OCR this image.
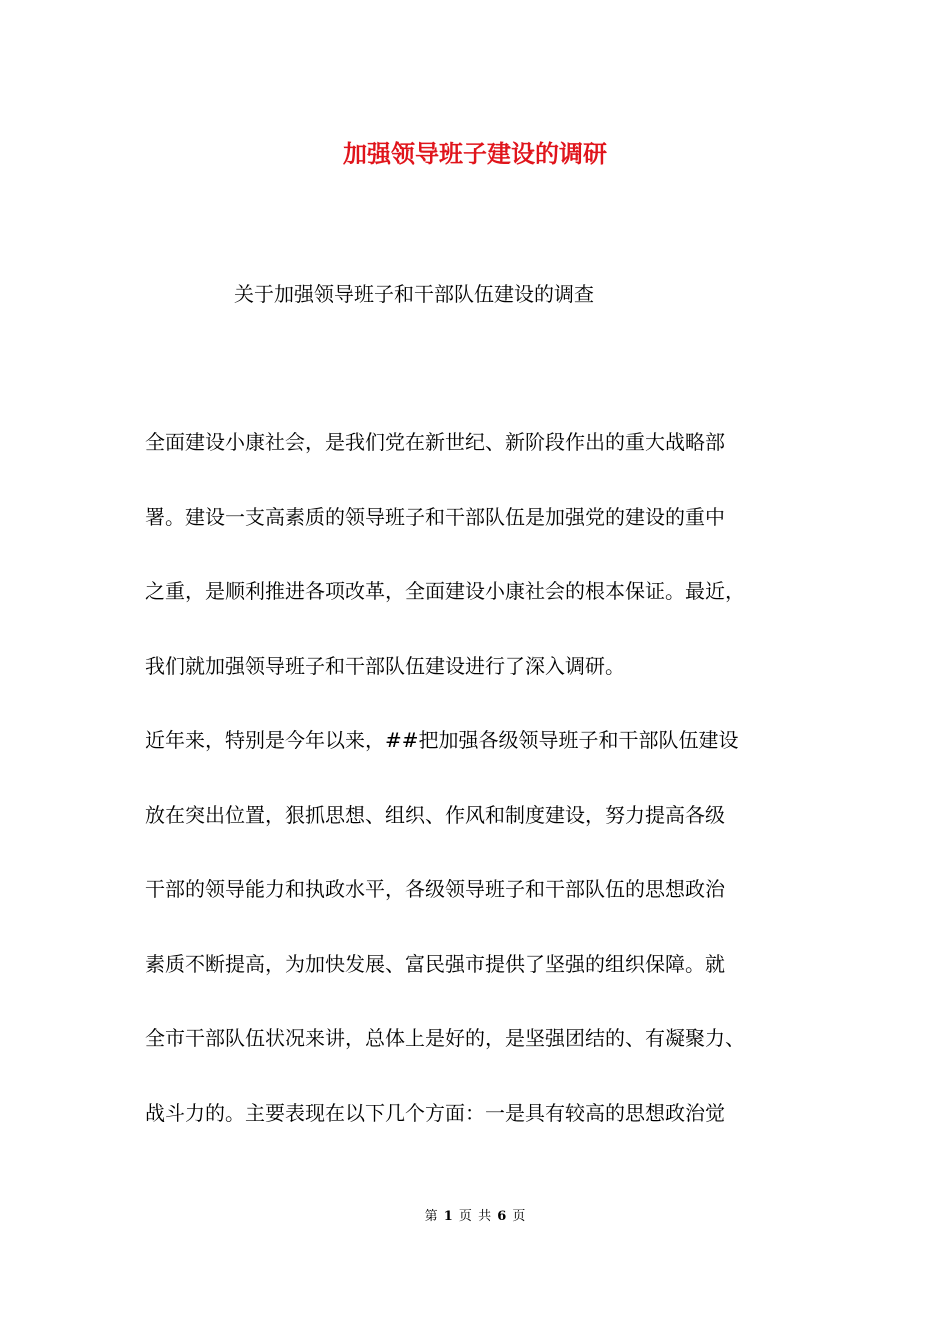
加强领导班子建设的调研

关于加强领导班子和干部队伍建设的调查

全面建设小康社会，是我们党在新世纪、新阶段作出的重大战略部
署。建设一支高素质的领导班子和干部队伍是加强党的建设的重中
之重，是顺利推进各项改革，全面建设小康社会的根本保证。最近，
我们就加强领导班子和干部队伍建设进行了深入调研。
近年来，特别是今年以来，##把加强各级领导班子和干部队伍建设
放在突出位置，狠抓思想、组织、作风和制度建设，努力提高各级
干部的领导能力和执政水平，各级领导班子和干部队伍的思想政治
素质不断提高，为加快发展、富民强市提供了坚强的组织保障。就
全市干部队伍状况来讲，总体上是好的，是坚强团结的、有凝聚力、
战斗力的。主要表现在以下几个方面：一是具有较高的思想政治觉
第 1 页 共 6 页
